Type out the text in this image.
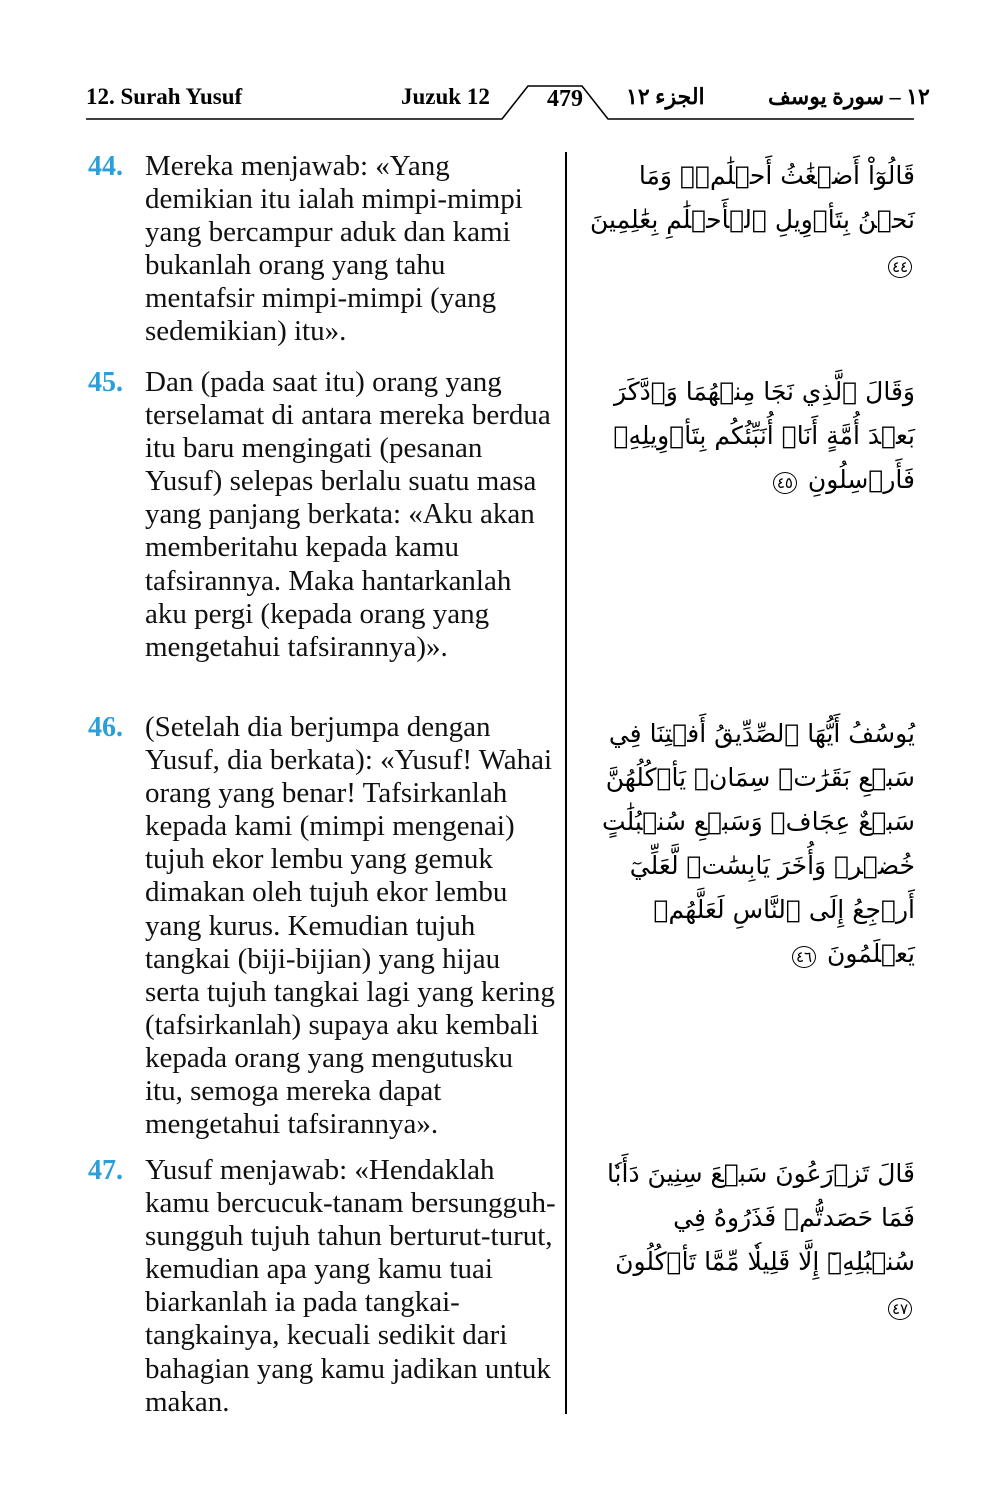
12. Surah Yusuf	Juzuk 12	479	الجزء ١٢	١٢ – سورة يوسف
44. Mereka menjawab: «Yang demikian itu ialah mimpi-mimpi yang bercampur aduk dan kami bukanlah orang yang tahu mentafsir mimpi-mimpi (yang sedemikian) itu».
قَالُوٓاْ أَضۡغَٰثُ أَحۡلَٰمٖۖ وَمَا نَحۡنُ بِتَأۡوِيلِ ٱلۡأَحۡلَٰمِ بِعَٰلِمِينَ ٤٤
45. Dan (pada saat itu) orang yang terselamat di antara mereka berdua itu baru mengingati (pesanan Yusuf) selepas berlalu suatu masa yang panjang berkata: «Aku akan memberitahu kepada kamu tafsirannya. Maka hantarkanlah aku pergi (kepada orang yang mengetahui tafsirannya)».
وَقَالَ ٱلَّذِي نَجَا مِنۡهُمَا وَٱدَّكَرَ بَعۡدَ أُمَّةٍ أَنَا۠ أُنَبِّئُكُم بِتَأۡوِيلِهِۦ فَأَرۡسِلُونِ ٤٥
46. (Setelah dia berjumpa dengan Yusuf, dia berkata): «Yusuf! Wahai orang yang benar! Tafsirkanlah kepada kami (mimpi mengenai) tujuh ekor lembu yang gemuk dimakan oleh tujuh ekor lembu yang kurus. Kemudian tujuh tangkai (biji-bijian) yang hijau serta tujuh tangkai lagi yang kering (tafsirkanlah) supaya aku kembali kepada orang yang mengutusku itu, semoga mereka dapat mengetahui tafsirannya».
يُوسُفُ أَيُّهَا ٱلصِّدِّيقُ أَفۡتِنَا فِي سَبۡعِ بَقَرَٰتٖ سِمَانٖ يَأۡكُلُهُنَّ سَبۡعٌ عِجَافٞ وَسَبۡعِ سُنۢبُلَٰتٍ خُضۡرٖ وَأُخَرَ يَابِسَٰتٖ لَّعَلِّيٓ أَرۡجِعُ إِلَى ٱلنَّاسِ لَعَلَّهُمۡ يَعۡلَمُونَ ٤٦
47. Yusuf menjawab: «Hendaklah kamu bercucuk-tanam bersungguh-sungguh tujuh tahun berturut-turut, kemudian apa yang kamu tuai biarkanlah ia pada tangkai-tangkainya, kecuali sedikit dari bahagian yang kamu jadikan untuk makan.
قَالَ تَزۡرَعُونَ سَبۡعَ سِنِينَ دَأَبٗا فَمَا حَصَدتُّمۡ فَذَرُوهُ فِي سُنۢبُلِهِۦٓ إِلَّا قَلِيلٗا مِّمَّا تَأۡكُلُونَ ٤٧
